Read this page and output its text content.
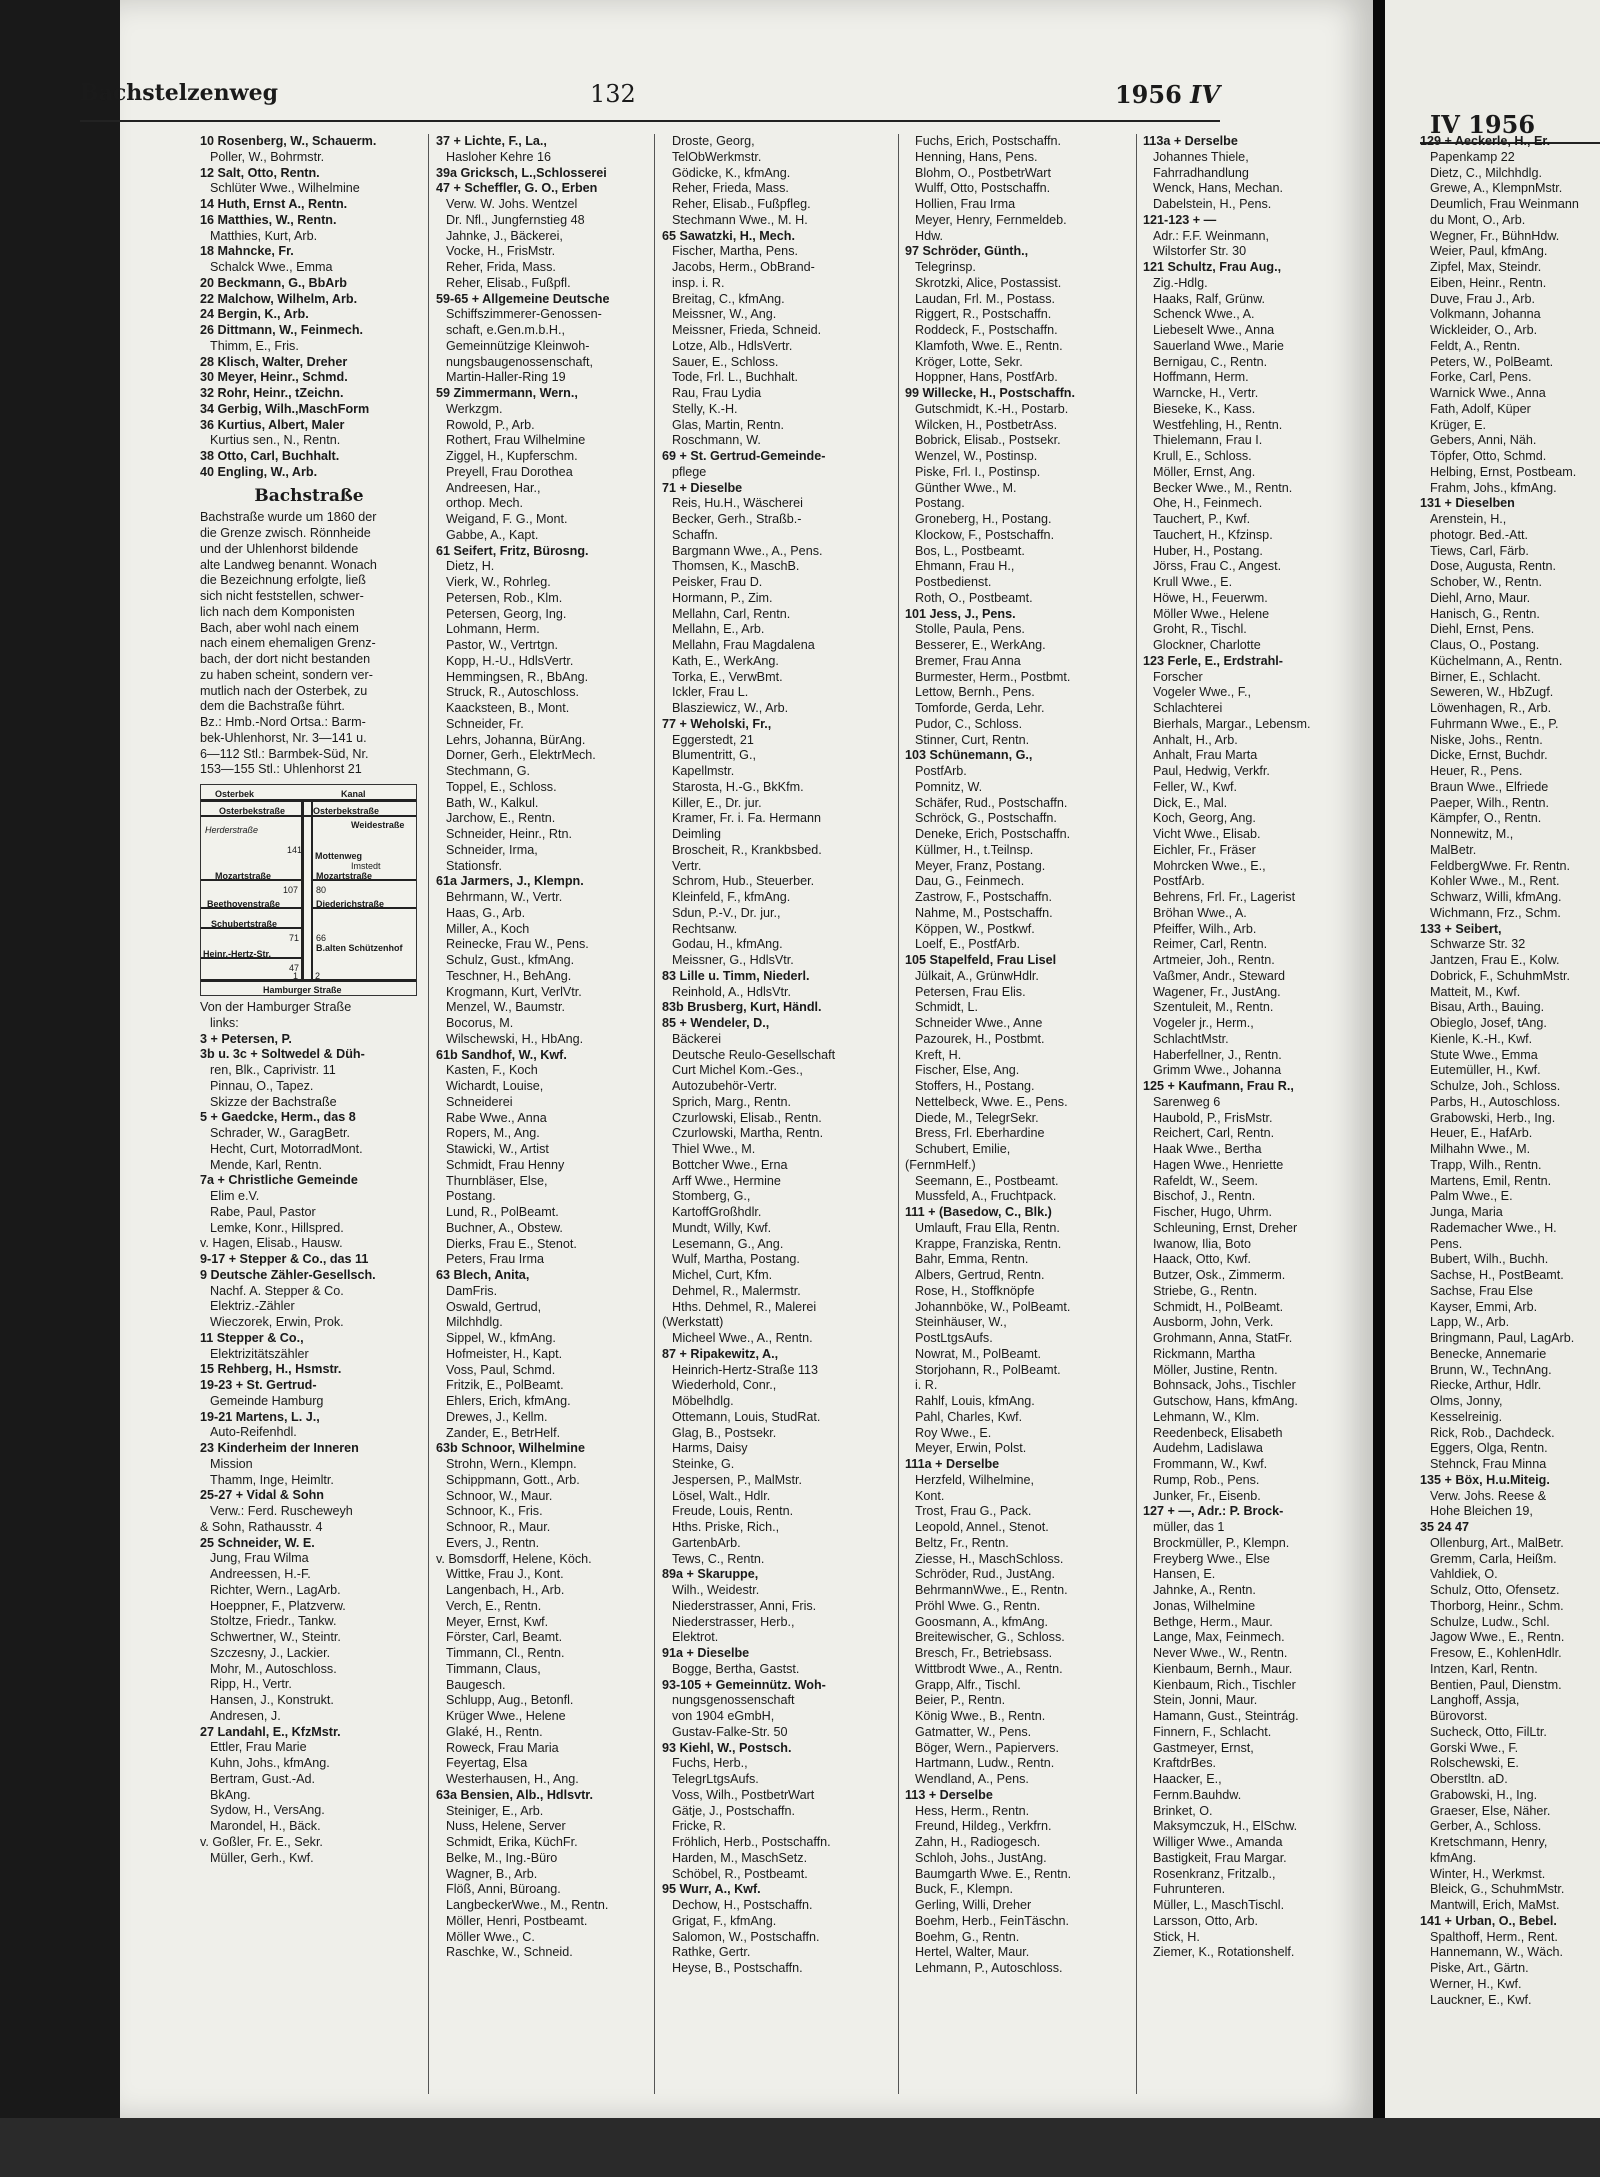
IV 1956

129 + Aeckerle, H., Er.

Papenkamp 22

Dietz, C., Milchhdlg.

Grewe, A., KlempnMstr.

Deumlich, Frau Weinmann

du Mont, O., Arb.

Wegner, Fr., BühnHdw.

Weier, Paul, kfmAng.

Zipfel, Max, Steindr.

Eiben, Heinr., Rentn.

Duve, Frau J., Arb.

Volkmann, Johanna

Wickleider, O., Arb.

Feldt, A., Rentn.

Peters, W., PolBeamt.

Forke, Carl, Pens.

Warnick Wwe., Anna

Fath, Adolf, Küper

Krüger, E.

Gebers, Anni, Näh.

Töpfer, Otto, Schmd.

Helbing, Ernst, Postbeam.

Frahm, Johs., kfmAng.

131 + Dieselben

Arenstein, H.,

photogr. Bed.-Att.

Tiews, Carl, Färb.

Dose, Augusta, Rentn.

Schober, W., Rentn.

Diehl, Arno, Maur.

Hanisch, G., Rentn.

Diehl, Ernst, Pens.

Claus, O., Postang.

Küchelmann, A., Rentn.

Birner, E., Schlacht.

Seweren, W., HbZugf.

Löwenhagen, R., Arb.

Fuhrmann Wwe., E., P.

Niske, Johs., Rentn.

Dicke, Ernst, Buchdr.

Heuer, R., Pens.

Braun Wwe., Elfriede

Paeper, Wilh., Rentn.

Kämpfer, O., Rentn.

Nonnewitz, M.,

MalBetr.

FeldbergWwe. Fr. Rentn.

Kohler Wwe., M., Rent.

Schwarz, Willi, kfmAng.

Wichmann, Frz., Schm.

133 + Seibert,

Schwarze Str. 32

Jantzen, Frau E., Kolw.

Dobrick, F., SchuhmMstr.

Matteit, M., Kwf.

Bisau, Arth., Bauing.

Obieglo, Josef, tAng.

Kienle, K.-H., Kwf.

Stute Wwe., Emma

Eutemüller, H., Kwf.

Schulze, Joh., Schloss.

Parbs, H., Autoschloss.

Grabowski, Herb., Ing.

Heuer, E., HafArb.

Milhahn Wwe., M.

Trapp, Wilh., Rentn.

Martens, Emil, Rentn.

Palm Wwe., E.

Junga, Maria

Rademacher Wwe., H.

Pens.

Bubert, Wilh., Buchh.

Sachse, H., PostBeamt.

Sachse, Frau Else

Kayser, Emmi, Arb.

Lapp, W., Arb.

Bringmann, Paul, LagArb.

Benecke, Annemarie

Brunn, W., TechnAng.

Riecke, Arthur, Hdlr.

Olms, Jonny,

Kesselreinig.

Rick, Rob., Dachdeck.

Eggers, Olga, Rentn.

Stehnck, Frau Minna

135 + Böx, H.u.Miteig.

Verw. Johs. Reese &

Hohe Bleichen 19,

35 24 47

Ollenburg, Art., MalBetr.

Gremm, Carla, Heißm.

Vahldiek, O.

Schulz, Otto, Ofensetz.

Thorborg, Heinr., Schm.

Schulze, Ludw., Schl.

Jagow Wwe., E., Rentn.

Fresow, E., KohlenHdlr.

Intzen, Karl, Rentn.

Bentien, Paul, Dienstm.

Langhoff, Assja,

Bürovorst.

Sucheck, Otto, FilLtr.

Gorski Wwe., F.

Rolschewski, E.

Oberstltn. aD.

Grabowski, H., Ing.

Graeser, Else, Näher.

Gerber, A., Schloss.

Kretschmann, Henry,

kfmAng.

Winter, H., Werkmst.

Bleick, G., SchuhmMstr.

Mantwill, Erich, MaMst.

141 + Urban, O., Bebel.

Spalthoff, Herm., Rent.

Hannemann, W., Wäch.

Piske, Art., Gärtn.

Werner, H., Kwf.

Lauckner, E., Kwf.

Bachstelzenweg	132	1956 IV

10 Rosenberg, W., Schauerm.

Poller, W., Bohrmstr.

12 Salt, Otto, Rentn.

Schlüter Wwe., Wilhelmine

14 Huth, Ernst A., Rentn.

16 Matthies, W., Rentn.

Matthies, Kurt, Arb.

18 Mahncke, Fr.

Schalck Wwe., Emma

20 Beckmann, G., BbArb

22 Malchow, Wilhelm, Arb.

24 Bergin, K., Arb.

26 Dittmann, W., Feinmech.

Thimm, E., Fris.

28 Klisch, Walter, Dreher

30 Meyer, Heinr., Schmd.

32 Rohr, Heinr., tZeichn.

34 Gerbig, Wilh.,MaschForm

36 Kurtius, Albert, Maler

Kurtius sen., N., Rentn.

38 Otto, Carl, Buchhalt.

40 Engling, W., Arb.

Bachstraße

Bachstraße wurde um 1860 der

die Grenze zwisch. Rönnheide

und der Uhlenhorst bildende

alte Landweg benannt. Wonach

die Bezeichnung erfolgte, ließ

sich nicht feststellen, schwer-

lich nach dem Komponisten

Bach, aber wohl nach einem

nach einem ehemaligen Grenz-

bach, der dort nicht bestanden

zu haben scheint, sondern ver-

mutlich nach der Osterbek, zu

dem die Bachstraße führt.

Bz.: Hmb.-Nord Ortsa.: Barm-

bek-Uhlenhorst, Nr. 3—141 u.

6—112 Stl.: Barmbek-Süd, Nr.

153—155 Stl.: Uhlenhorst 21

Osterbek	Kanal
Osterbekstraße	Osterbekstraße
Weidestraße
Herderstraße
141
Mottenweg
Imstedt
Mozartstraße	Mozartstraße
107 80
Beethovenstraße	Diederichstraße
Schubertstraße
71 66
B.alten Schützenhof
Heinr.-Hertz-Str.
47
1 2
Hamburger Straße

Von der Hamburger Straße

links:

3 + Petersen, P.

3b u. 3c + Soltwedel & Düh-

ren, Blk., Caprivistr. 11

Pinnau, O., Tapez.

Skizze der Bachstraße

5 + Gaedcke, Herm., das 8

Schrader, W., GaragBetr.

Hecht, Curt, MotorradMont.

Mende, Karl, Rentn.

7a + Christliche Gemeinde

Elim e.V.

Rabe, Paul, Pastor

Lemke, Konr., Hillspred.

v. Hagen, Elisab., Hausw.

9-17 + Stepper & Co., das 11

9 Deutsche Zähler-Gesellsch.

Nachf. A. Stepper & Co.

Elektriz.-Zähler

Wieczorek, Erwin, Prok.

11 Stepper & Co.,

Elektrizitätszähler

15 Rehberg, H., Hsmstr.

19-23 + St. Gertrud-

Gemeinde Hamburg

19-21 Martens, L. J.,

Auto-Reifenhdl.

23 Kinderheim der Inneren

Mission

Thamm, Inge, Heimltr.

25-27 + Vidal & Sohn

Verw.: Ferd. Ruscheweyh

& Sohn, Rathausstr. 4

25 Schneider, W. E.

Jung, Frau Wilma

Andreessen, H.-F.

Richter, Wern., LagArb.

Hoeppner, F., Platzverw.

Stoltze, Friedr., Tankw.

Schwertner, W., Steintr.

Szczesny, J., Lackier.

Mohr, M., Autoschloss.

Ripp, H., Vertr.

Hansen, J., Konstrukt.

Andresen, J.

27 Landahl, E., KfzMstr.

Ettler, Frau Marie

Kuhn, Johs., kfmAng.

Bertram, Gust.-Ad.

BkAng.

Sydow, H., VersAng.

Marondel, H., Bäck.

v. Goßler, Fr. E., Sekr.

Müller, Gerh., Kwf.

37 + Lichte, F., La.,

Hasloher Kehre 16

39a Gricksch, L.,Schlosserei

47 + Scheffler, G. O., Erben

Verw. W. Johs. Wentzel

Dr. Nfl., Jungfernstieg 48

Jahnke, J., Bäckerei,

Vocke, H., FrisMstr.

Reher, Frida, Mass.

Reher, Elisab., Fußpfl.

59-65 + Allgemeine Deutsche

Schiffszimmerer-Genossen-

schaft, e.Gen.m.b.H.,

Gemeinnützige Kleinwoh-

nungsbaugenossenschaft,

Martin-Haller-Ring 19

59 Zimmermann, Wern.,

Werkzgm.

Rowold, P., Arb.

Rothert, Frau Wilhelmine

Ziggel, H., Kupferschm.

Preyell, Frau Dorothea

Andreesen, Har.,

orthop. Mech.

Weigand, F. G., Mont.

Gabbe, A., Kapt.

61 Seifert, Fritz, Bürosng.

Dietz, H.

Vierk, W., Rohrleg.

Petersen, Rob., Klm.

Petersen, Georg, Ing.

Lohmann, Herm.

Pastor, W., Vertrtgn.

Kopp, H.-U., HdlsVertr.

Hemmingsen, R., BbAng.

Struck, R., Autoschloss.

Kaacksteen, B., Mont.

Schneider, Fr.

Lehrs, Johanna, BürAng.

Dorner, Gerh., ElektrMech.

Stechmann, G.

Toppel, E., Schloss.

Bath, W., Kalkul.

Jarchow, E., Rentn.

Schneider, Heinr., Rtn.

Schneider, Irma,

Stationsfr.

61a Jarmers, J., Klempn.

Behrmann, W., Vertr.

Haas, G., Arb.

Miller, A., Koch

Reinecke, Frau W., Pens.

Schulz, Gust., kfmAng.

Teschner, H., BehAng.

Krogmann, Kurt, VerlVtr.

Menzel, W., Baumstr.

Bocorus, M.

Wilschewski, H., HbAng.

61b Sandhof, W., Kwf.

Kasten, F., Koch

Wichardt, Louise,

Schneiderei

Rabe Wwe., Anna

Ropers, M., Ang.

Stawicki, W., Artist

Schmidt, Frau Henny

Thurnbläser, Else,

Postang.

Lund, R., PolBeamt.

Buchner, A., Obstew.

Dierks, Frau E., Stenot.

Peters, Frau Irma

63 Blech, Anita,

DamFris.

Oswald, Gertrud,

Milchhdlg.

Sippel, W., kfmAng.

Hofmeister, H., Kapt.

Voss, Paul, Schmd.

Fritzik, E., PolBeamt.

Ehlers, Erich, kfmAng.

Drewes, J., Kellm.

Zander, E., BetrHelf.

63b Schnoor, Wilhelmine

Strohn, Wern., Klempn.

Schippmann, Gott., Arb.

Schnoor, W., Maur.

Schnoor, K., Fris.

Schnoor, R., Maur.

Evers, J., Rentn.

v. Bomsdorff, Helene, Köch.

Wittke, Frau J., Kont.

Langenbach, H., Arb.

Verch, E., Rentn.

Meyer, Ernst, Kwf.

Förster, Carl, Beamt.

Timmann, Cl., Rentn.

Timmann, Claus,

Baugesch.

Schlupp, Aug., Betonfl.

Krüger Wwe., Helene

Glaké, H., Rentn.

Roweck, Frau Maria

Feyertag, Elsa

Westerhausen, H., Ang.

63a Bensien, Alb., Hdlsvtr.

Steiniger, E., Arb.

Nuss, Helene, Server

Schmidt, Erika, KüchFr.

Belke, M., Ing.-Büro

Wagner, B., Arb.

Flöß, Anni, Büroang.

LangbeckerWwe., M., Rentn.

Möller, Henri, Postbeamt.

Möller Wwe., C.

Raschke, W., Schneid.

Droste, Georg,

TelObWerkmstr.

Gödicke, K., kfmAng.

Reher, Frieda, Mass.

Reher, Elisab., Fußpfleg.

Stechmann Wwe., M. H.

65 Sawatzki, H., Mech.

Fischer, Martha, Pens.

Jacobs, Herm., ObBrand-

insp. i. R.

Breitag, C., kfmAng.

Meissner, W., Ang.

Meissner, Frieda, Schneid.

Lotze, Alb., HdlsVertr.

Sauer, E., Schloss.

Tode, Frl. L., Buchhalt.

Rau, Frau Lydia

Stelly, K.-H.

Glas, Martin, Rentn.

Roschmann, W.

69 + St. Gertrud-Gemeinde-

pflege

71 + Dieselbe

Reis, Hu.H., Wäscherei

Becker, Gerh., Straßb.-

Schaffn.

Bargmann Wwe., A., Pens.

Thomsen, K., MaschB.

Peisker, Frau D.

Hormann, P., Zim.

Mellahn, Carl, Rentn.

Mellahn, E., Arb.

Mellahn, Frau Magdalena

Kath, E., WerkAng.

Torka, E., VerwBmt.

Ickler, Frau L.

Blasziewicz, W., Arb.

77 + Weholski, Fr.,

Eggerstedt, 21

Blumentritt, G.,

Kapellmstr.

Starosta, H.-G., BkKfm.

Killer, E., Dr. jur.

Kramer, Fr. i. Fa. Hermann

Deimling

Broscheit, R., Krankbsbed.

Vertr.

Schrom, Hub., Steuerber.

Kleinfeld, F., kfmAng.

Sdun, P.-V., Dr. jur.,

Rechtsanw.

Godau, H., kfmAng.

Meissner, G., HdlsVtr.

83 Lille u. Timm, Niederl.

Reinhold, A., HdlsVtr.

83b Brusberg, Kurt, Händl.

85 + Wendeler, D.,

Bäckerei

Deutsche Reulo-Gesellschaft

Curt Michel Kom.-Ges.,

Autozubehör-Vertr.

Sprich, Marg., Rentn.

Czurlowski, Elisab., Rentn.

Czurlowski, Martha, Rentn.

Thiel Wwe., M.

Bottcher Wwe., Erna

Arff Wwe., Hermine

Stomberg, G.,

KartoffGroßhdlr.

Mundt, Willy, Kwf.

Lesemann, G., Ang.

Wulf, Martha, Postang.

Michel, Curt, Kfm.

Dehmel, R., Malermstr.

Hths. Dehmel, R., Malerei

(Werkstatt)

Micheel Wwe., A., Rentn.

87 + Ripakewitz, A.,

Heinrich-Hertz-Straße 113

Wiederhold, Conr.,

Möbelhdlg.

Ottemann, Louis, StudRat.

Glag, B., Postsekr.

Harms, Daisy

Steinke, G.

Jespersen, P., MalMstr.

Lösel, Walt., Hdlr.

Freude, Louis, Rentn.

Hths. Priske, Rich.,

GartenbArb.

Tews, C., Rentn.

89a + Skaruppe,

Wilh., Weidestr.

Niederstrasser, Anni, Fris.

Niederstrasser, Herb.,

Elektrot.

91a + Dieselbe

Bogge, Bertha, Gastst.

93-105 + Gemeinnütz. Woh-

nungsgenossenschaft

von 1904 eGmbH,

Gustav-Falke-Str. 50

93 Kiehl, W., Postsch.

Fuchs, Herb.,

TelegrLtgsAufs.

Voss, Wilh., PostbetrWart

Gätje, J., Postschaffn.

Fricke, R.

Fröhlich, Herb., Postschaffn.

Harden, M., MaschSetz.

Schöbel, R., Postbeamt.

95 Wurr, A., Kwf.

Dechow, H., Postschaffn.

Grigat, F., kfmAng.

Salomon, W., Postschaffn.

Rathke, Gertr.

Heyse, B., Postschaffn.

Fuchs, Erich, Postschaffn.

Henning, Hans, Pens.

Blohm, O., PostbetrWart

Wulff, Otto, Postschaffn.

Hollien, Frau Irma

Meyer, Henry, Fernmeldeb.

Hdw.

97 Schröder, Günth.,

Telegrinsp.

Skrotzki, Alice, Postassist.

Laudan, Frl. M., Postass.

Riggert, R., Postschaffn.

Roddeck, F., Postschaffn.

Klamfoth, Wwe. E., Rentn.

Kröger, Lotte, Sekr.

Hoppner, Hans, PostfArb.

99 Willecke, H., Postschaffn.

Gutschmidt, K.-H., Postarb.

Wilcken, H., PostbetrAss.

Bobrick, Elisab., Postsekr.

Wenzel, W., Postinsp.

Piske, Frl. I., Postinsp.

Günther Wwe., M.

Postang.

Groneberg, H., Postang.

Klockow, F., Postschaffn.

Bos, L., Postbeamt.

Ehmann, Frau H.,

Postbedienst.

Roth, O., Postbeamt.

101 Jess, J., Pens.

Stolle, Paula, Pens.

Besserer, E., WerkAng.

Bremer, Frau Anna

Burmester, Herm., Postbmt.

Lettow, Bernh., Pens.

Tomforde, Gerda, Lehr.

Pudor, C., Schloss.

Stinner, Curt, Rentn.

103 Schünemann, G.,

PostfArb.

Pomnitz, W.

Schäfer, Rud., Postschaffn.

Schröck, G., Postschaffn.

Deneke, Erich, Postschaffn.

Küllmer, H., t.Teilnsp.

Meyer, Franz, Postang.

Dau, G., Feinmech.

Zastrow, F., Postschaffn.

Nahme, M., Postschaffn.

Köppen, W., Postkwf.

Loelf, E., PostfArb.

105 Stapelfeld, Frau Lisel

Jülkait, A., GrünwHdlr.

Petersen, Frau Elis.

Schmidt, L.

Schneider Wwe., Anne

Pazourek, H., Postbmt.

Kreft, H.

Fischer, Else, Ang.

Stoffers, H., Postang.

Nettelbeck, Wwe. E., Pens.

Diede, M., TelegrSekr.

Bress, Frl. Eberhardine

Schubert, Emilie,

(FernmHelf.)

Seemann, E., Postbeamt.

Mussfeld, A., Fruchtpack.

111 + (Basedow, C., Blk.)

Umlauft, Frau Ella, Rentn.

Krappe, Franziska, Rentn.

Bahr, Emma, Rentn.

Albers, Gertrud, Rentn.

Rose, H., Stoffknöpfe

Johannböke, W., PolBeamt.

Steinhäuser, W.,

PostLtgsAufs.

Nowrat, M., PolBeamt.

Storjohann, R., PolBeamt.

i. R.

Rahlf, Louis, kfmAng.

Pahl, Charles, Kwf.

Roy Wwe., E.

Meyer, Erwin, Polst.

111a + Derselbe

Herzfeld, Wilhelmine,

Kont.

Trost, Frau G., Pack.

Leopold, Annel., Stenot.

Beltz, Fr., Rentn.

Ziesse, H., MaschSchloss.

Schröder, Rud., JustAng.

BehrmannWwe., E., Rentn.

Pröhl Wwe. G., Rentn.

Goosmann, A., kfmAng.

Breitewischer, G., Schloss.

Bresch, Fr., Betriebsass.

Wittbrodt Wwe., A., Rentn.

Grapp, Alfr., Tischl.

Beier, P., Rentn.

König Wwe., B., Rentn.

Gatmatter, W., Pens.

Böger, Wern., Papiervers.

Hartmann, Ludw., Rentn.

Wendland, A., Pens.

113 + Derselbe

Hess, Herm., Rentn.

Freund, Hildeg., Verkfrn.

Zahn, H., Radiogesch.

Schloh, Johs., JustAng.

Baumgarth Wwe. E., Rentn.

Buck, F., Klempn.

Gerling, Willi, Dreher

Boehm, Herb., FeinTäschn.

Boehm, G., Rentn.

Hertel, Walter, Maur.

Lehmann, P., Autoschloss.

113a + Derselbe

Johannes Thiele,

Fahrradhandlung

Wenck, Hans, Mechan.

Dabelstein, H., Pens.

121-123 + —

Adr.: F.F. Weinmann,

Wilstorfer Str. 30

121 Schultz, Frau Aug.,

Zig.-Hdlg.

Haaks, Ralf, Grünw.

Schenck Wwe., A.

Liebeselt Wwe., Anna

Sauerland Wwe., Marie

Bernigau, C., Rentn.

Hoffmann, Herm.

Warncke, H., Vertr.

Bieseke, K., Kass.

Westfehling, H., Rentn.

Thielemann, Frau I.

Krull, E., Schloss.

Möller, Ernst, Ang.

Becker Wwe., M., Rentn.

Ohe, H., Feinmech.

Tauchert, P., Kwf.

Tauchert, H., Kfzinsp.

Huber, H., Postang.

Jörss, Frau C., Angest.

Krull Wwe., E.

Höwe, H., Feuerwm.

Möller Wwe., Helene

Groht, R., Tischl.

Glockner, Charlotte

123 Ferle, E., Erdstrahl-

Forscher

Vogeler Wwe., F.,

Schlachterei

Bierhals, Margar., Lebensm.

Anhalt, H., Arb.

Anhalt, Frau Marta

Paul, Hedwig, Verkfr.

Feller, W., Kwf.

Dick, E., Mal.

Koch, Georg, Ang.

Vicht Wwe., Elisab.

Eichler, Fr., Fräser

Mohrcken Wwe., E.,

PostfArb.

Behrens, Frl. Fr., Lagerist

Bröhan Wwe., A.

Pfeiffer, Wilh., Arb.

Reimer, Carl, Rentn.

Artmeier, Joh., Rentn.

Vaßmer, Andr., Steward

Wagener, Fr., JustAng.

Szentuleit, M., Rentn.

Vogeler jr., Herm.,

SchlachtMstr.

Haberfellner, J., Rentn.

Grimm Wwe., Johanna

125 + Kaufmann, Frau R.,

Sarenweg 6

Haubold, P., FrisMstr.

Reichert, Carl, Rentn.

Haak Wwe., Bertha

Hagen Wwe., Henriette

Rafeldt, W., Seem.

Bischof, J., Rentn.

Fischer, Hugo, Uhrm.

Schleuning, Ernst, Dreher

Iwanow, Ilia, Boto

Haack, Otto, Kwf.

Butzer, Osk., Zimmerm.

Striebe, G., Rentn.

Schmidt, H., PolBeamt.

Ausborm, John, Verk.

Grohmann, Anna, StatFr.

Rickmann, Martha

Möller, Justine, Rentn.

Bohnsack, Johs., Tischler

Gutschow, Hans, kfmAng.

Lehmann, W., Klm.

Reedenbeck, Elisabeth

Audehm, Ladislawa

Frommann, W., Kwf.

Rump, Rob., Pens.

Junker, Fr., Eisenb.

127 + —, Adr.: P. Brock-

müller, das 1

Brockmüller, P., Klempn.

Freyberg Wwe., Else

Hansen, E.

Jahnke, A., Rentn.

Jonas, Wilhelmine

Bethge, Herm., Maur.

Lange, Max, Feinmech.

Never Wwe., W., Rentn.

Kienbaum, Bernh., Maur.

Kienbaum, Rich., Tischler

Stein, Jonni, Maur.

Hamann, Gust., Steintrág.

Finnern, F., Schlacht.

Gastmeyer, Ernst,

KraftdrBes.

Haacker, E.,

Fernm.Bauhdw.

Brinket, O.

Maksymczuk, H., ElSchw.

Williger Wwe., Amanda

Bastigkeit, Frau Margar.

Rosenkranz, Fritzalb.,

Fuhrunteren.

Müller, L., MaschTischl.

Larsson, Otto, Arb.

Stick, H.

Ziemer, K., Rotationshelf.
